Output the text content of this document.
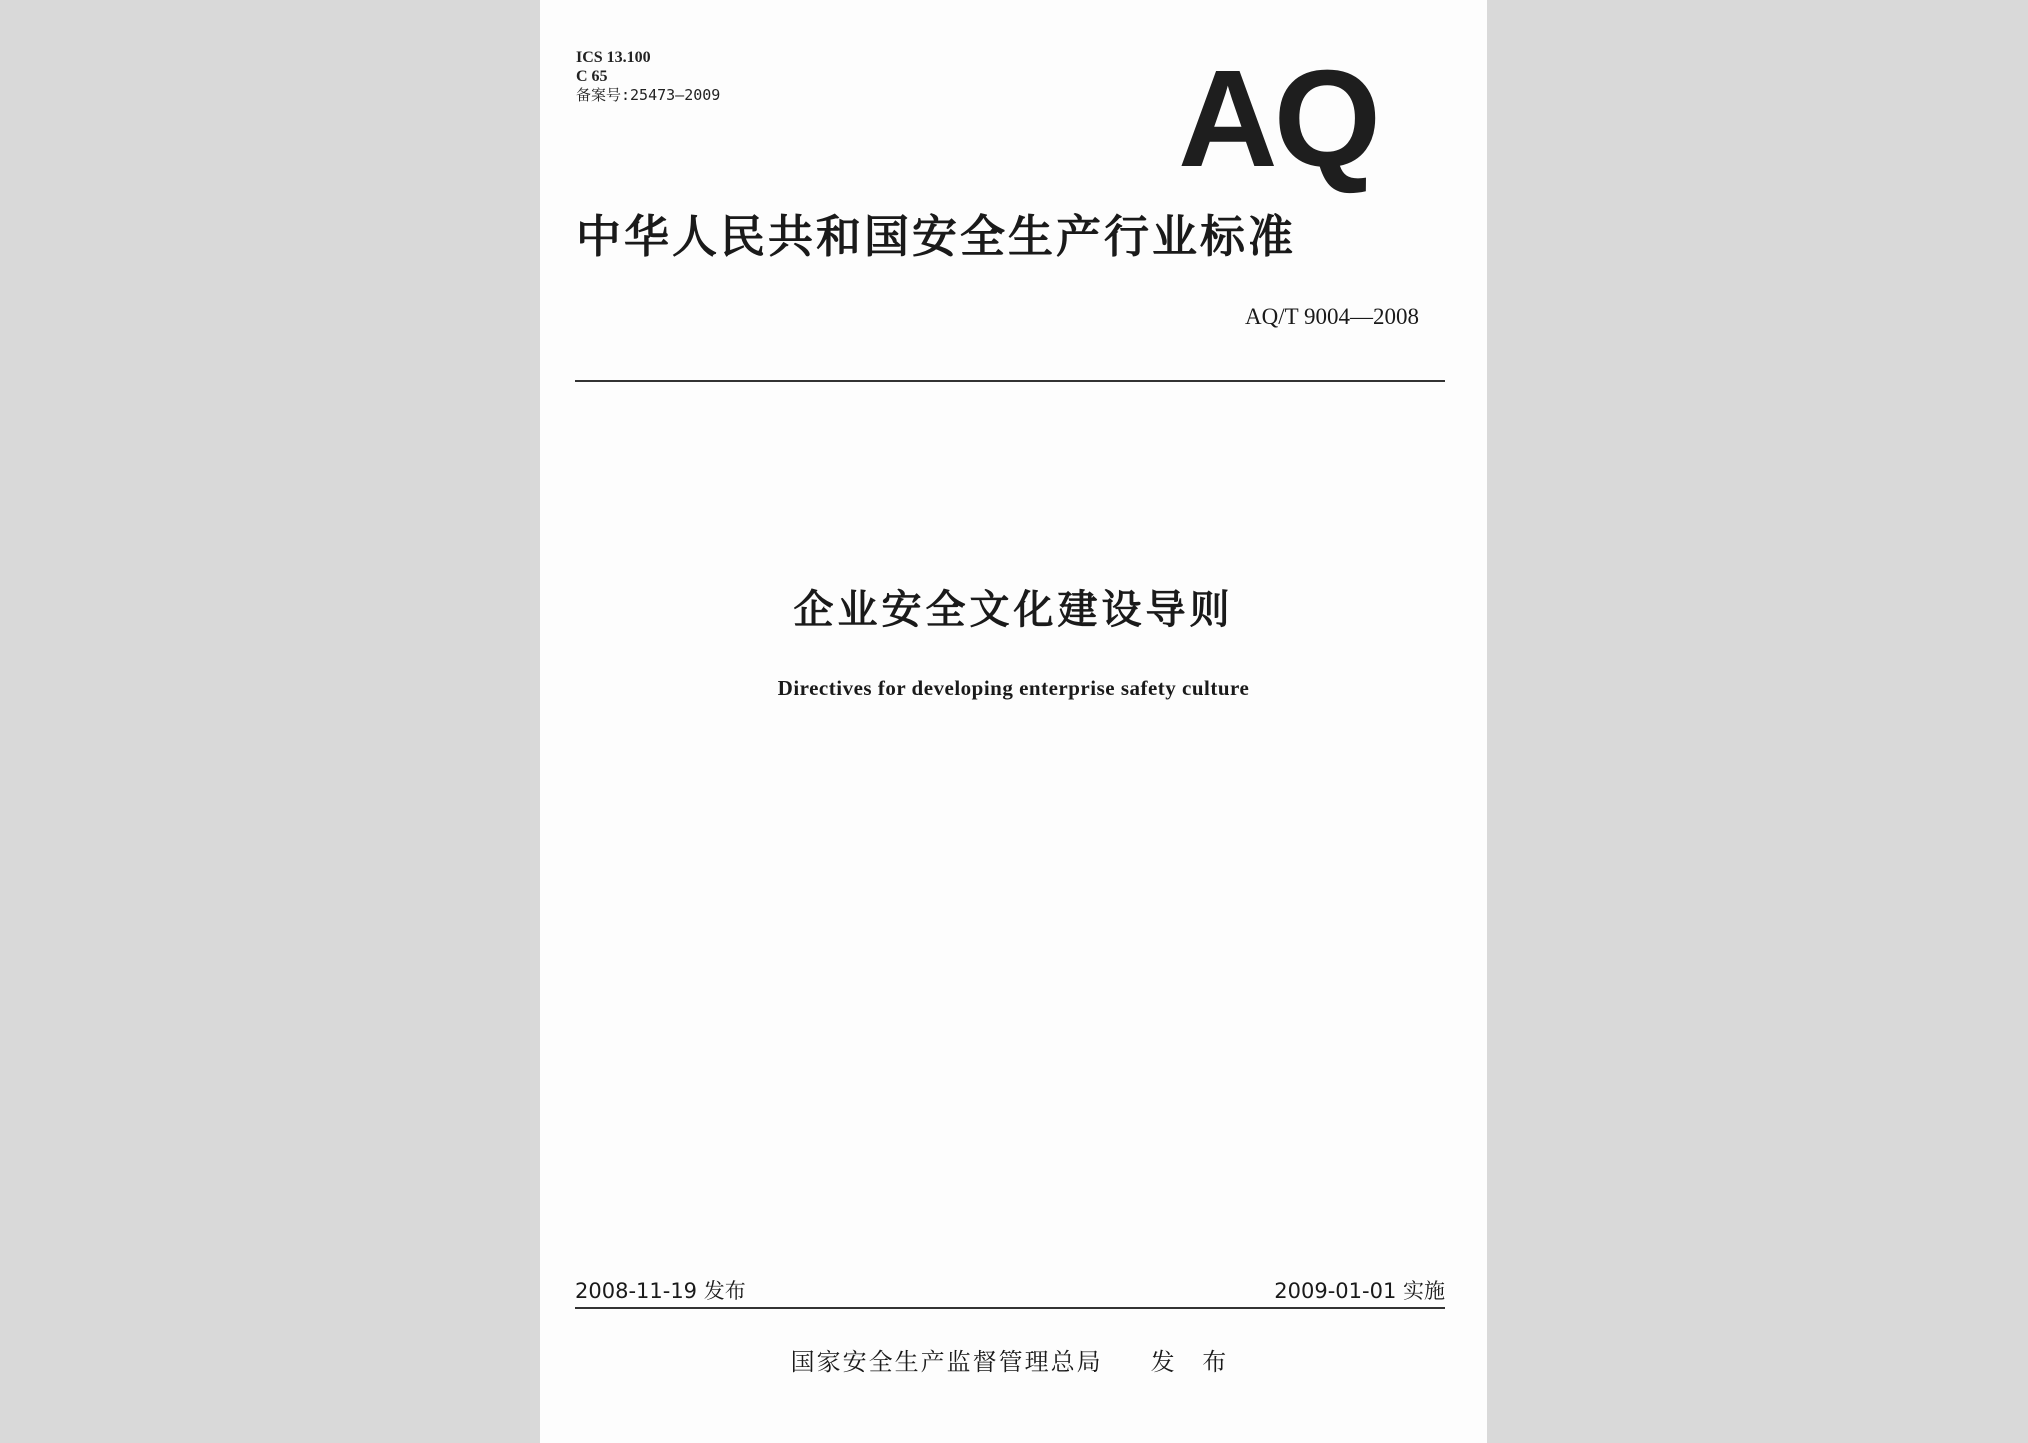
ICS 13.100
C 65
备案号:25473—2009	AQ
中华人民共和国安全生产行业标准
AQ/T 9004—2008
企业安全文化建设导则
Directives for developing enterprise safety culture
2008-11-19 发布	2009-01-01 实施
国家安全生产监督管理总局 发 布
